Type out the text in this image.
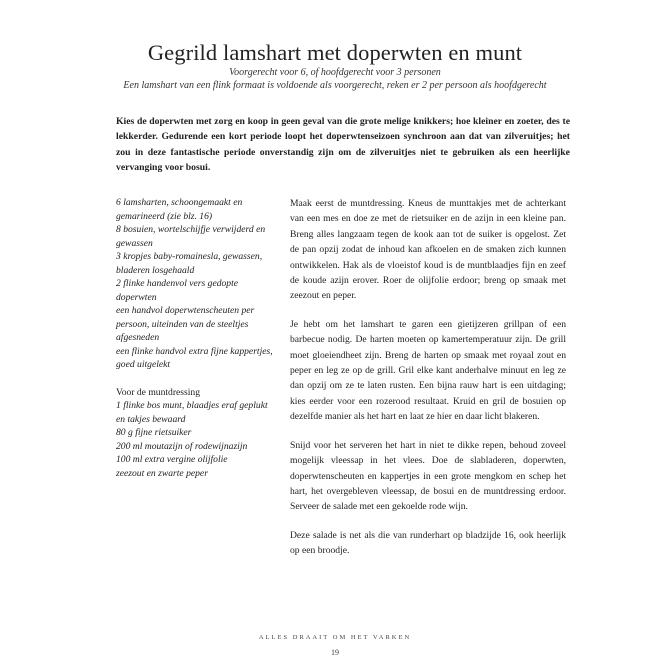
Gegrild lamshart met doperwten en munt
Voorgerecht voor 6, of hoofdgerecht voor 3 personen
Een lamshart van een flink formaat is voldoende als voorgerecht, reken er 2 per persoon als hoofdgerecht
Kies de doperwten met zorg en koop in geen geval van die grote melige knikkers; hoe kleiner en zoeter, des te lekkerder. Gedurende een kort periode loopt het doperwtenseizoen synchroon aan dat van zilveruitjes; het zou in deze fantastische periode onverstandig zijn om de zilveruitjes niet te gebruiken als een heerlijke vervanging voor bosui.
6 lamsharten, schoongemaakt en gemarineerd (zie blz. 16)
8 bosuien, wortelschijfje verwijderd en gewassen
3 kropjes baby-romainesla, gewassen, bladeren losgehaald
2 flinke handenvol vers gedopte doperwten
een handvol doperwtenscheuten per persoon, uiteinden van de steeltjes afgesneden
een flinke handvol extra fijne kappertjes, goed uitgelekt
Voor de muntdressing
1 flinke bos munt, blaadjes eraf geplukt en takjes bewaard
80 g fijne rietsuiker
200 ml moutazijn of rodewijnazijn
100 ml extra vergine olijfolie
zeezout en zwarte peper

Maak eerst de muntdressing. Kneus de munttakjes met de achterkant van een mes en doe ze met de rietsuiker en de azijn in een kleine pan. Breng alles langzaam tegen de kook aan tot de suiker is opgelost. Zet de pan opzij zodat de inhoud kan afkoelen en de smaken zich kunnen ontwikkelen. Hak als de vloeistof koud is de muntblaadjes fijn en zeef de koude azijn erover. Roer de olijfolie erdoor; breng op smaak met zeezout en peper.

Je hebt om het lamshart te garen een gietijzeren grillpan of een barbecue nodig. De harten moeten op kamertemperatuur zijn. De grill moet gloeiendheet zijn. Breng de harten op smaak met royaal zout en peper en leg ze op de grill. Gril elke kant anderhalve minuut en leg ze dan opzij om ze te laten rusten. Een bijna rauw hart is een uitdaging; kies eerder voor een rozerood resultaat. Kruid en gril de bosuien op dezelfde manier als het hart en laat ze hier en daar licht blakeren.

Snijd voor het serveren het hart in niet te dikke repen, behoud zoveel mogelijk vleessap in het vlees. Doe de slabladeren, doperwten, doperwtenscheuten en kappertjes in een grote mengkom en schep het hart, het overgebleven vleessap, de bosui en de muntdressing erdoor. Serveer de salade met een gekoelde rode wijn.

Deze salade is net als die van runderhart op bladzijde 16, ook heerlijk op een broodje.

ALLES DRAAIT OM HET VARKEN
19
